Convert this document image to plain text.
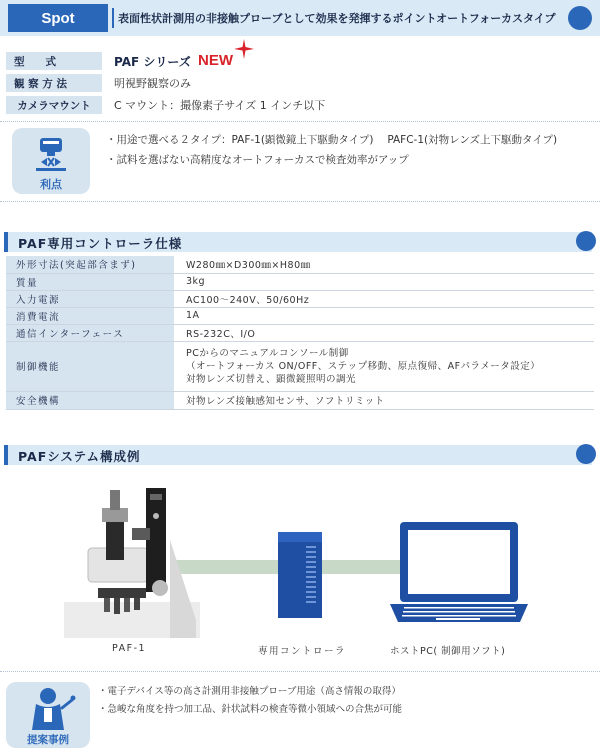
Spot	表面性状計測用の非接触プローブとして効果を発揮するポイントオートフォーカスタイプ
型　　式	PAF シリーズ NEW
観 察 方 法	明視野観察のみ
カメラマウント	C マウント：撮像素子サイズ 1 インチ以下
利点
・用途で選べる２タイプ：PAF-1(顕微鏡上下駆動タイプ)　 PAFC-1(対物レンズ上下駆動タイプ)
・試料を選ばない高精度なオートフォーカスで検査効率がアップ
PAF専用コントローラ仕様
外形寸法(突起部含まず)	W280㎜×D300㎜×H80㎜
質量	3kg
入力電源	AC100～240V、50/60Hz
消費電流	1A
通信インターフェース	RS-232C、I/O
制御機能	PCからのマニュアルコンソール制御
（オートフォーカス ON/OFF、ステップ移動、原点復帰、AFパラメータ設定）
対物レンズ切替え、顕微鏡照明の調光

安全機構	対物レンズ接触感知センサ、ソフトリミット
PAFシステム構成例
PAF-1	専用コントローラ	ホストPC( 制御用ソフト)
提案事例
・電子デバイス等の高さ計測用非接触プローブ用途（高さ情報の取得）
・急峻な角度を持つ加工品、針状試料の検査等微小領域への合焦が可能
